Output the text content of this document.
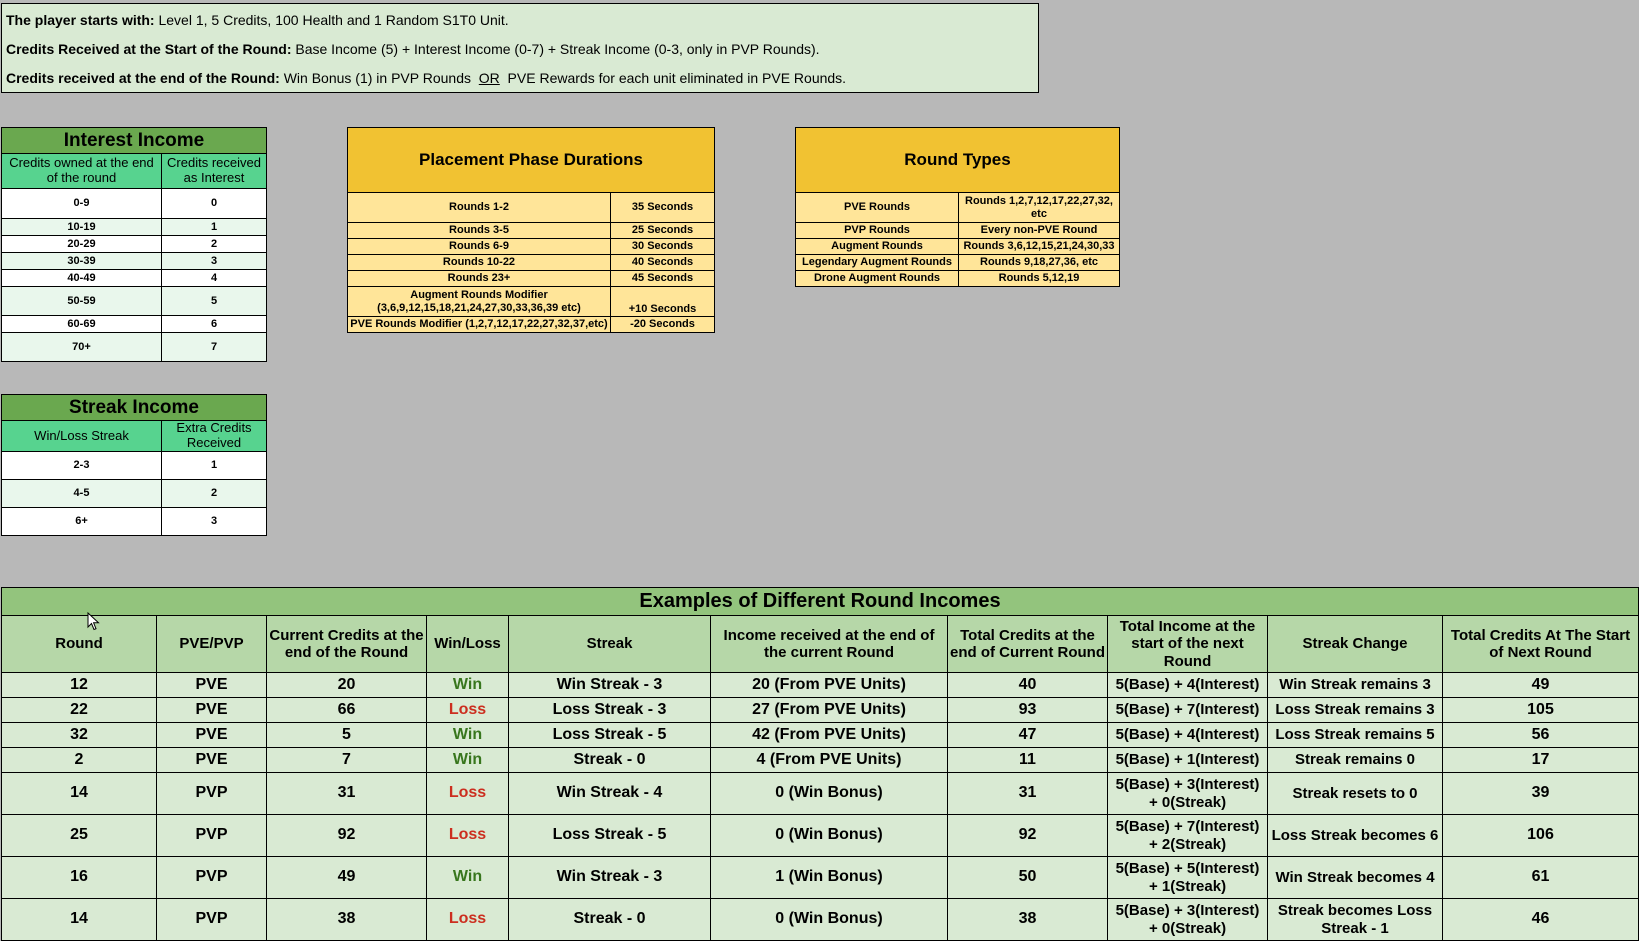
The player starts with: Level 1, 5 Credits, 100 Health and 1 Random S1T0 Unit.
Credits Received at the Start of the Round: Base Income (5) + Interest Income (0-7) + Streak Income (0-3, only in PVP Rounds).
Credits received at the end of the Round: Win Bonus (1) in PVP Rounds  OR  PVE Rewards for each unit eliminated in PVE Rounds.
Interest Income	
Credits owned at the end of the round	Credits received as Interest
0-9	0
10-19	1
20-29	2
30-39	3
40-49	4
50-59	5
60-69	6
70+	7
Streak Income	
Win/Loss Streak	Extra Credits Received
2-3	1
4-5	2
6+	3
Placement Phase Durations	
Rounds 1-2	35 Seconds
Rounds 3-5	25 Seconds
Rounds 6-9	30 Seconds
Rounds 10-22	40 Seconds
Rounds 23+	45 Seconds
Augment Rounds Modifier (3,6,9,12,15,18,21,24,27,30,33,36,39 etc)	+10 Seconds
PVE Rounds Modifier (1,2,7,12,17,22,27,32,37,etc)	-20 Seconds
Round Types	
PVE Rounds	Rounds 1,2,7,12,17,22,27,32, etc
PVP Rounds	Every non-PVE Round
Augment Rounds	Rounds 3,6,12,15,21,24,30,33
Legendary Augment Rounds	Rounds 9,18,27,36, etc
Drone Augment Rounds	Rounds 5,12,19
Examples of Different Round Incomes									
Round	PVE/PVP	Current Credits at the end of the Round	Win/Loss	Streak	Income received at the end of the current Round	Total Credits at the end of Current Round	Total Income at the start of the next Round	Streak Change	Total Credits At The Start of Next Round
12	PVE	20	Win	Win Streak - 3	20 (From PVE Units)	40	5(Base) + 4(Interest)	Win Streak remains 3	49
22	PVE	66	Loss	Loss Streak - 3	27 (From PVE Units)	93	5(Base) + 7(Interest)	Loss Streak remains 3	105
32	PVE	5	Win	Loss Streak - 5	42 (From PVE Units)	47	5(Base) + 4(Interest)	Loss Streak remains 5	56
2	PVE	7	Win	Streak - 0	4 (From PVE Units)	11	5(Base) + 1(Interest)	Streak remains 0	17
14	PVP	31	Loss	Win Streak - 4	0 (Win Bonus)	31	5(Base) + 3(Interest) + 0(Streak)	Streak resets to 0	39
25	PVP	92	Loss	Loss Streak - 5	0 (Win Bonus)	92	5(Base) + 7(Interest) + 2(Streak)	Loss Streak becomes 6	106
16	PVP	49	Win	Win Streak - 3	1 (Win Bonus)	50	5(Base) + 5(Interest) + 1(Streak)	Win Streak becomes 4	61
14	PVP	38	Loss	Streak - 0	0 (Win Bonus)	38	5(Base) + 3(Interest) + 0(Streak)	Streak becomes Loss Streak - 1	46
